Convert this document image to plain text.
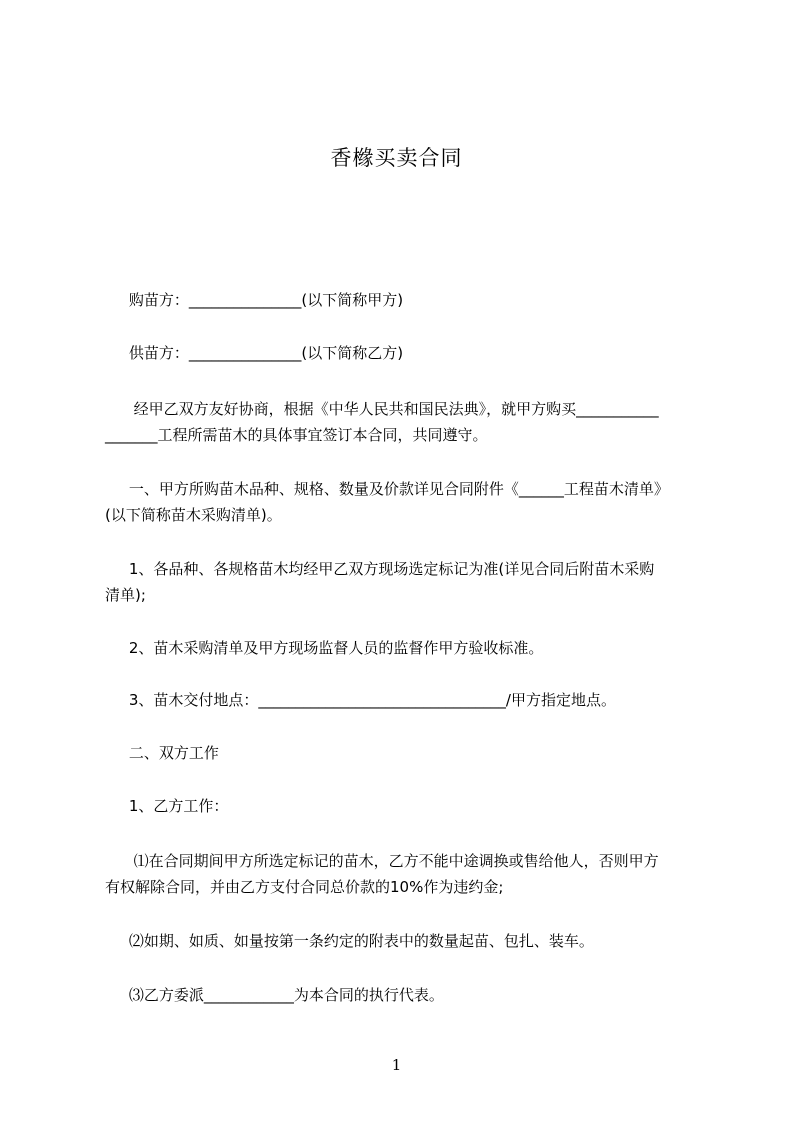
香橼买卖合同
购苗方：_______________(以下简称甲方)
供苗方：_______________(以下简称乙方)
经甲乙双方友好协商，根据《中华人民共和国民法典》，就甲方购买___________
_______工程所需苗木的具体事宜签订本合同，共同遵守。
一、甲方所购苗木品种、规格、数量及价款详见合同附件《______工程苗木清单》
(以下简称苗木采购清单)。
1、各品种、各规格苗木均经甲乙双方现场选定标记为准(详见合同后附苗木采购
清单);
2、苗木采购清单及甲方现场监督人员的监督作甲方验收标准。
3、苗木交付地点：_________________________________/甲方指定地点。
二、双方工作
1、乙方工作：
⑴在合同期间甲方所选定标记的苗木，乙方不能中途调换或售给他人，否则甲方
有权解除合同，并由乙方支付合同总价款的10%作为违约金;
⑵如期、如质、如量按第一条约定的附表中的数量起苗、包扎、装车。
⑶乙方委派____________为本合同的执行代表。
1
